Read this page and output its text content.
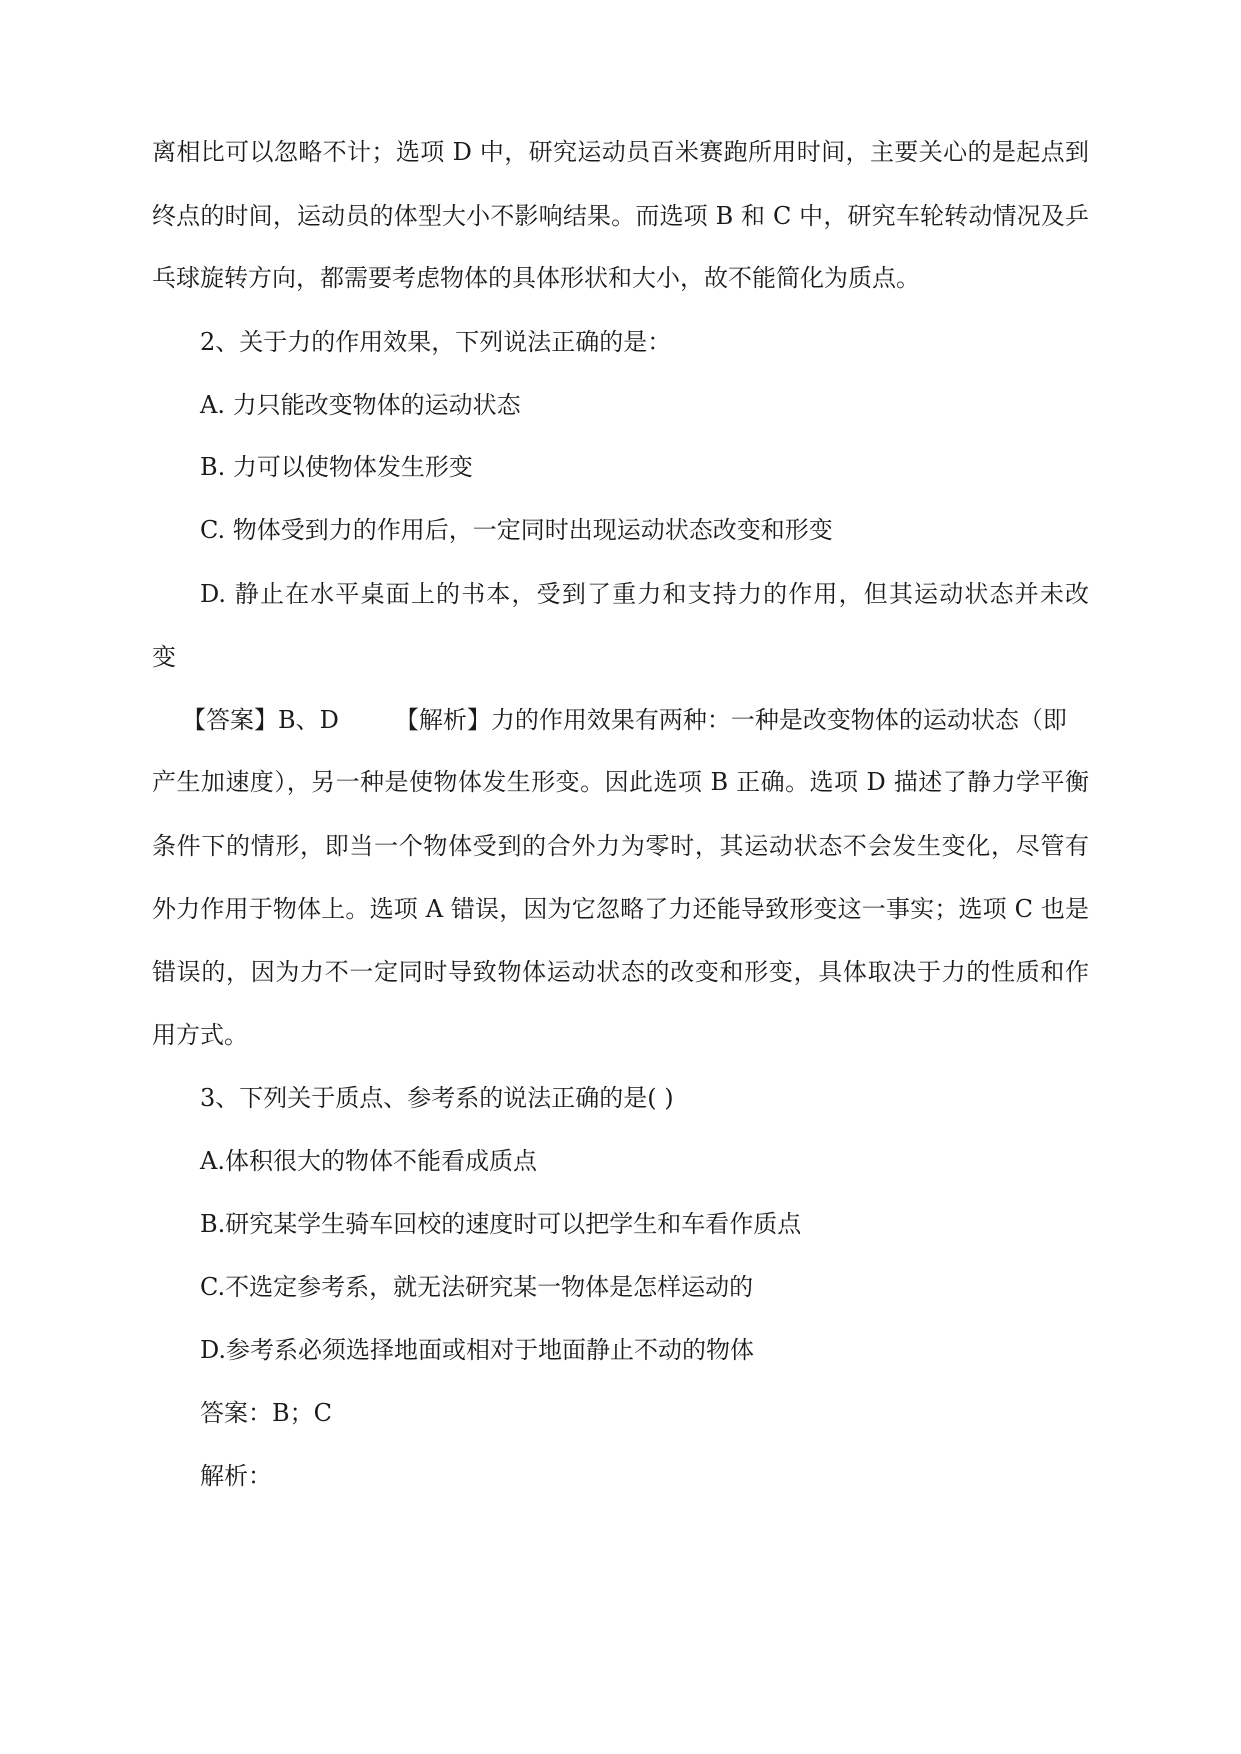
离相比可以忽略不计；选项 D 中，研究运动员百米赛跑所用时间，主要关心的是起点到
终点的时间，运动员的体型大小不影响结果。而选项 B 和 C 中，研究车轮转动情况及乒
乓球旋转方向，都需要考虑物体的具体形状和大小，故不能简化为质点。
2、关于力的作用效果，下列说法正确的是：
A. 力只能改变物体的运动状态
B. 力可以使物体发生形变
C. 物体受到力的作用后，一定同时出现运动状态改变和形变
D. 静止在水平桌面上的书本，受到了重力和支持力的作用，但其运动状态并未改
变
【答案】B、D 【解析】力的作用效果有两种：一种是改变物体的运动状态（即
产生加速度），另一种是使物体发生形变。因此选项 B 正确。选项 D 描述了静力学平衡
条件下的情形，即当一个物体受到的合外力为零时，其运动状态不会发生变化，尽管有
外力作用于物体上。选项 A 错误，因为它忽略了力还能导致形变这一事实；选项 C 也是
错误的，因为力不一定同时导致物体运动状态的改变和形变，具体取决于力的性质和作
用方式。
3、下列关于质点、参考系的说法正确的是( )
A.体积很大的物体不能看成质点
B.研究某学生骑车回校的速度时可以把学生和车看作质点
C.不选定参考系，就无法研究某一物体是怎样运动的
D.参考系必须选择地面或相对于地面静止不动的物体
答案：B；C
解析：
